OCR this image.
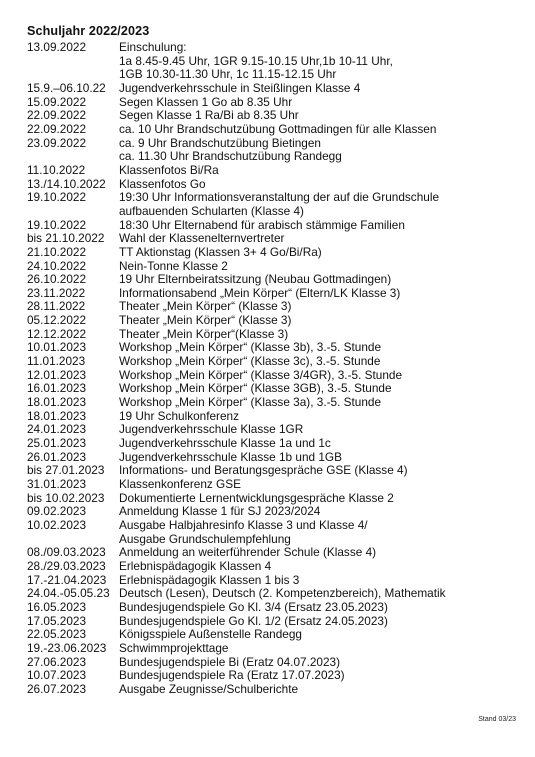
Schuljahr 2022/2023
13.09.2022	Einschulung:
1a 8.45-9.45 Uhr, 1GR 9.15-10.15 Uhr,1b 10-11 Uhr,
1GB 10.30-11.30 Uhr, 1c 11.15-12.15 Uhr
15.9.–06.10.22	Jugendverkehrsschule in Steißlingen Klasse 4
15.09.2022	Segen Klassen 1 Go ab 8.35 Uhr
22.09.2022	Segen Klasse 1 Ra/Bi ab 8.35 Uhr
22.09.2022	ca. 10 Uhr Brandschutzübung Gottmadingen für alle Klassen
23.09.2022	ca. 9 Uhr Brandschutzübung Bietingen
ca. 11.30 Uhr Brandschutzübung Randegg
11.10.2022	Klassenfotos Bi/Ra
13./14.10.2022	Klassenfotos Go
19.10.2022	19:30 Uhr Informationsveranstaltung der auf die Grundschule
aufbauenden Schularten (Klasse 4)
19.10.2022	18:30 Uhr Elternabend für arabisch stämmige Familien
bis 21.10.2022	Wahl der Klassenelternvertreter
21.10.2022	TT Aktionstag (Klassen 3+ 4 Go/Bi/Ra)
24.10.2022	Nein-Tonne Klasse 2
26.10.2022	19 Uhr Elternbeiratssitzung (Neubau Gottmadingen)
23.11.2022	Informationsabend „Mein Körper“ (Eltern/LK Klasse 3)
28.11.2022	Theater „Mein Körper“ (Klasse 3)
05.12.2022	Theater „Mein Körper“ (Klasse 3)
12.12.2022	Theater „Mein Körper“(Klasse 3)
10.01.2023	Workshop „Mein Körper“ (Klasse 3b), 3.-5. Stunde
11.01.2023	Workshop „Mein Körper“ (Klasse 3c), 3.-5. Stunde
12.01.2023	Workshop „Mein Körper“ (Klasse 3/4GR), 3.-5. Stunde
16.01.2023	Workshop „Mein Körper“ (Klasse 3GB), 3.-5. Stunde
18.01.2023	Workshop „Mein Körper“ (Klasse 3a), 3.-5. Stunde
18.01.2023	19 Uhr Schulkonferenz
24.01.2023	Jugendverkehrsschule Klasse 1GR
25.01.2023	Jugendverkehrsschule Klasse 1a und 1c
26.01.2023	Jugendverkehrsschule Klasse 1b und 1GB
bis 27.01.2023	Informations- und Beratungsgespräche GSE (Klasse 4)
31.01.2023	Klassenkonferenz GSE
bis 10.02.2023	Dokumentierte Lernentwicklungsgespräche Klasse 2
09.02.2023	Anmeldung Klasse 1 für SJ 2023/2024
10.02.2023	Ausgabe Halbjahresinfo Klasse 3 und Klasse 4/
Ausgabe Grundschulempfehlung
08./09.03.2023	Anmeldung an weiterführender Schule (Klasse 4)
28./29.03.2023	Erlebnispädagogik Klassen 4
17.-21.04.2023	Erlebnispädagogik Klassen 1 bis 3
24.04.-05.05.23 Deutsch (Lesen), Deutsch (2. Kompetenzbereich), Mathematik
16.05.2023	Bundesjugendspiele Go Kl. 3/4 (Ersatz 23.05.2023)
17.05.2023	Bundesjugendspiele Go Kl. 1/2 (Ersatz 24.05.2023)
22.05.2023	Königsspiele Außenstelle Randegg
19.-23.06.2023	Schwimmprojekttage
27.06.2023	Bundesjugendspiele Bi (Eratz 04.07.2023)
10.07.2023	Bundesjugendspiele Ra (Eratz 17.07.2023)
26.07.2023	Ausgabe Zeugnisse/Schulberichte
Stand 03/23
